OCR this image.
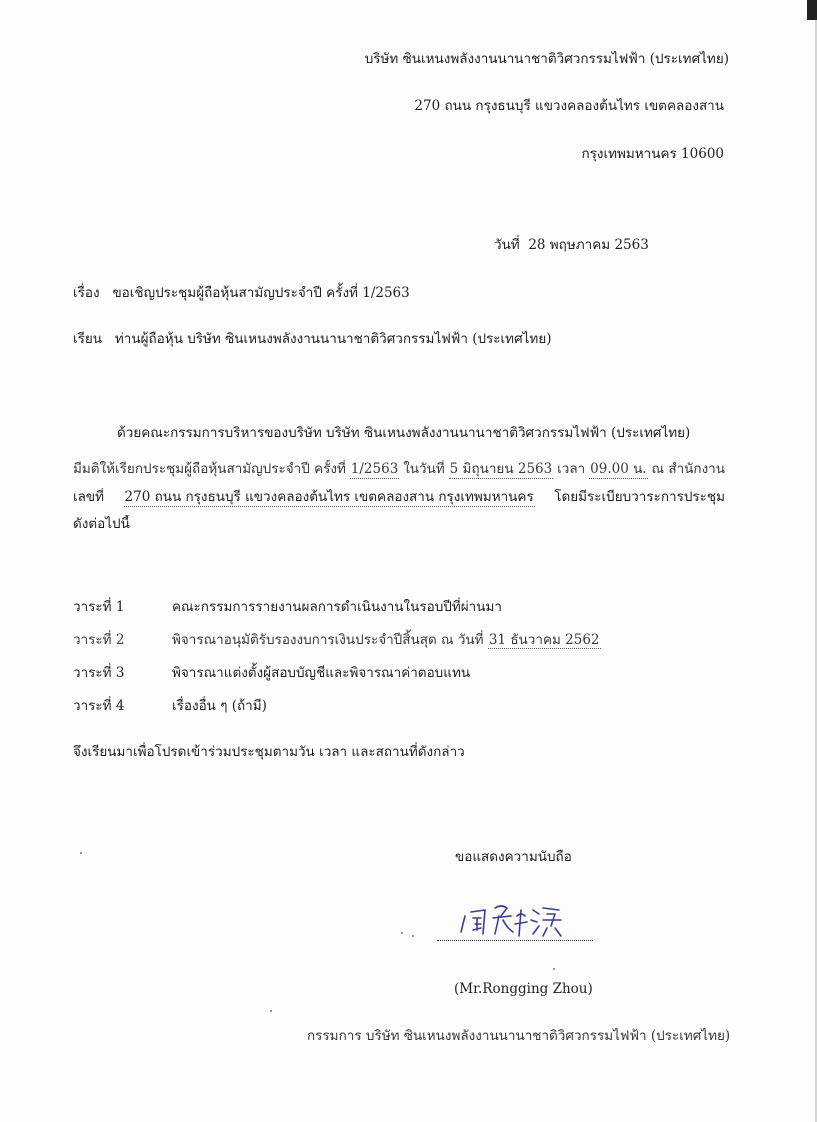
บริษัท ซินเหนงพลังงานนานาชาติวิศวกรรมไฟฟ้า (ประเทศไทย)
270 ถนน กรุงธนบุรี แขวงคลองต้นไทร เขตคลองสาน
กรุงเทพมหานคร 10600
วันที่ 28 พฤษภาคม 2563
เรื่อง ขอเชิญประชุมผู้ถือหุ้นสามัญประจำปี ครั้งที่ 1/2563
เรียน ท่านผู้ถือหุ้น บริษัท ซินเหนงพลังงานนานาชาติวิศวกรรมไฟฟ้า (ประเทศไทย)
ด้วยคณะกรรมการบริหารของบริษัท บริษัท ซินเหนงพลังงานนานาชาติวิศวกรรมไฟฟ้า (ประเทศไทย)
มีมติให้เรียกประชุมผู้ถือหุ้นสามัญประจำปี ครั้งที่ 1/2563 ในวันที่ 5 มิถุนายน 2563 เวลา 09.00 น. ณ สำนักงาน
เลขที่ 270 ถนน กรุงธนบุรี แขวงคลองต้นไทร เขตคลองสาน กรุงเทพมหานคร โดยมีระเบียบวาระการประชุม
ดังต่อไปนี้
วาระที่ 1	คณะกรรมการรายงานผลการดำเนินงานในรอบปีที่ผ่านมา
วาระที่ 2	พิจารณาอนุมัติรับรองงบการเงินประจำปีสิ้นสุด ณ วันที่ 31 ธันวาคม 2562
วาระที่ 3	พิจารณาแต่งตั้งผู้สอบบัญชีและพิจารณาค่าตอบแทน
วาระที่ 4	เรื่องอื่น ๆ (ถ้ามี)
จึงเรียนมาเพื่อโปรดเข้าร่วมประชุมตามวัน เวลา และสถานที่ดังกล่าว
ขอแสดงความนับถือ
(Mr.Rongging Zhou)
กรรมการ บริษัท ซินเหนงพลังงานนานาชาติวิศวกรรมไฟฟ้า (ประเทศไทย)
